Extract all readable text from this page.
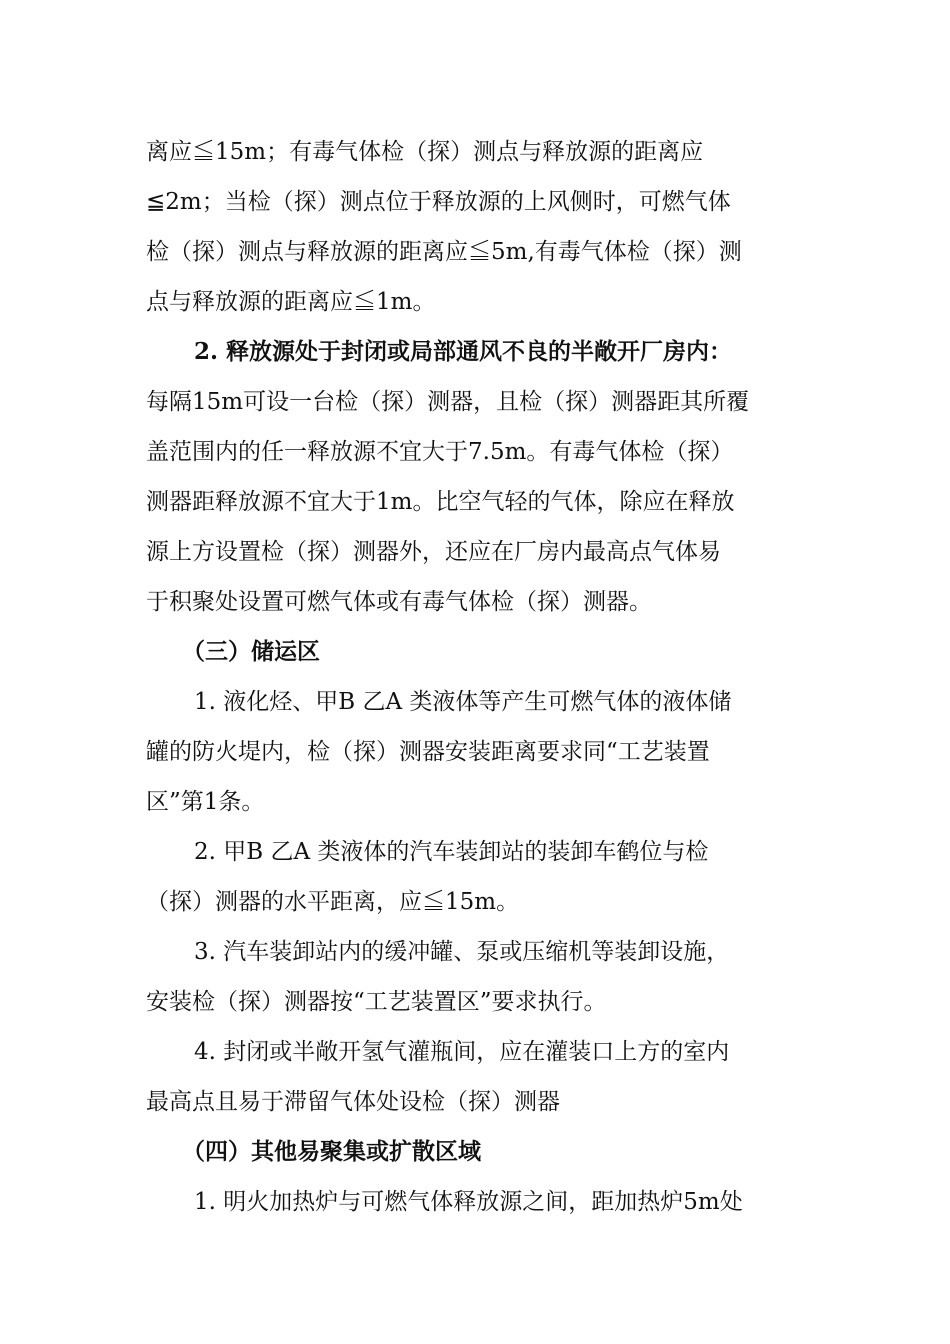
离应≦15m；有毒气体检（探）测点与释放源的距离应
≦2m；当检（探）测点位于释放源的上风侧时，可燃气体
检（探）测点与释放源的距离应≦5m,有毒气体检（探）测
点与释放源的距离应≦1m。
2. 释放源处于封闭或局部通风不良的半敞开厂房内：
每隔15m可设一台检（探）测器，且检（探）测器距其所覆
盖范围内的任一释放源不宜大于7.5m。有毒气体检（探）
测器距释放源不宜大于1m。比空气轻的气体，除应在释放
源上方设置检（探）测器外，还应在厂房内最高点气体易
于积聚处设置可燃气体或有毒气体检（探）测器。
（三）储运区
1. 液化烃、甲B 乙A 类液体等产生可燃气体的液体储
罐的防火堤内，检（探）测器安装距离要求同“工艺装置
区”第1条。
2. 甲B 乙A 类液体的汽车装卸站的装卸车鹤位与检
（探）测器的水平距离，应≦15m。
3. 汽车装卸站内的缓冲罐、泵或压缩机等装卸设施，
安装检（探）测器按“工艺装置区”要求执行。
4. 封闭或半敞开氢气灌瓶间，应在灌装口上方的室内
最高点且易于滞留气体处设检（探）测器
（四）其他易聚集或扩散区域
1. 明火加热炉与可燃气体释放源之间，距加热炉5m处
